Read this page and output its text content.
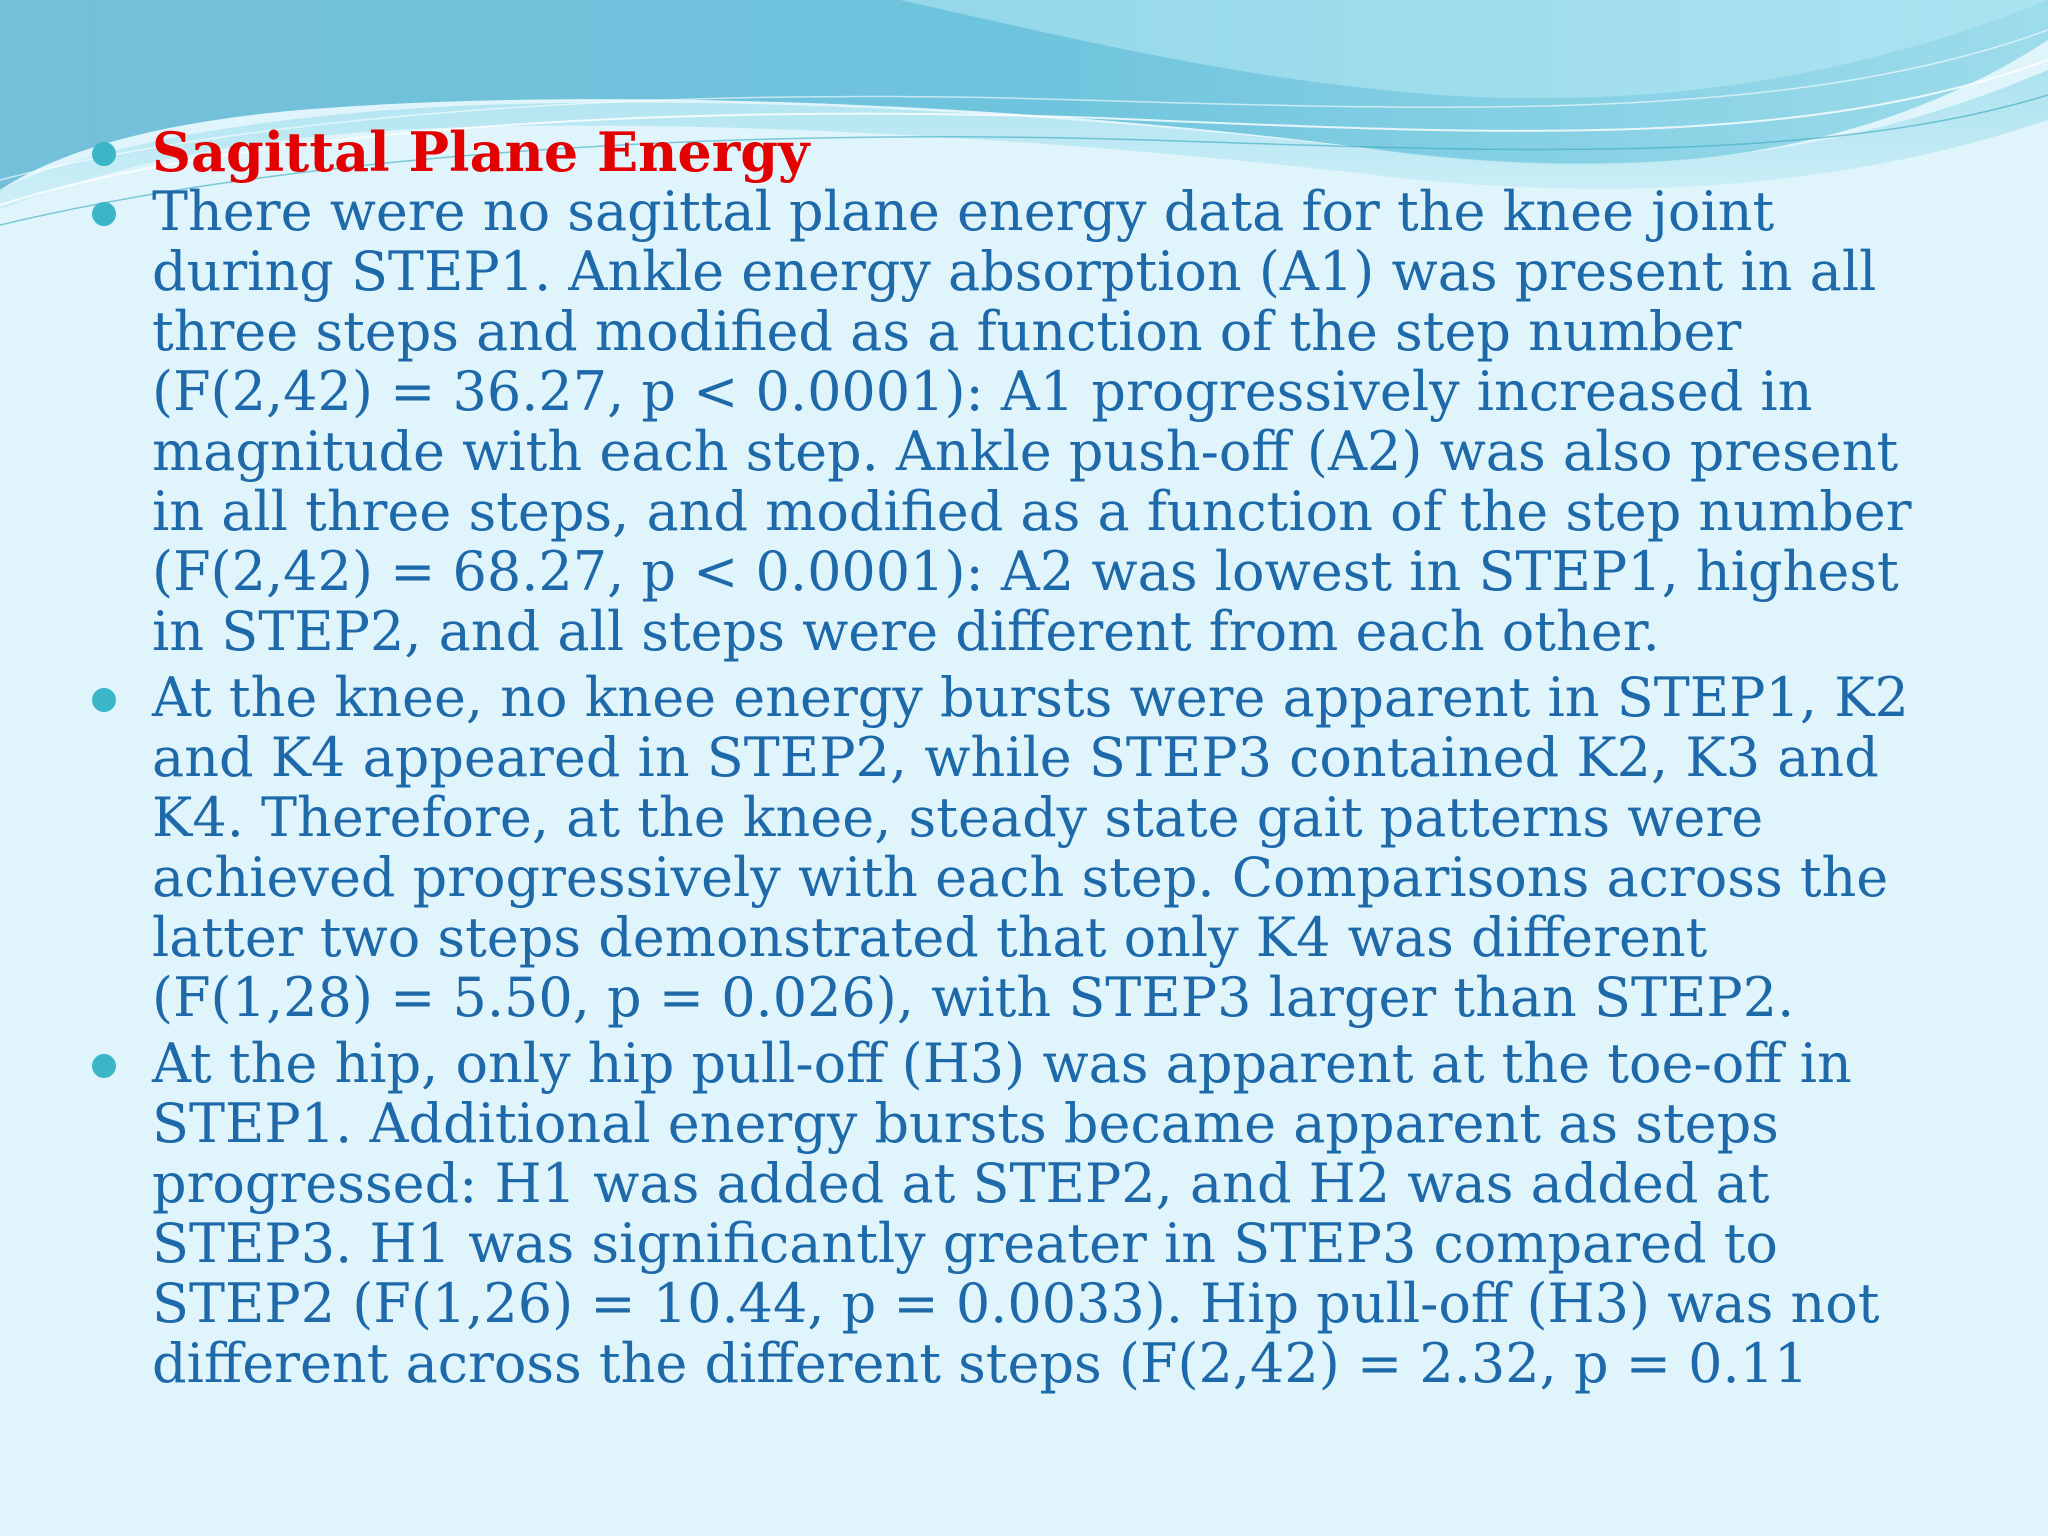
Sagittal Plane Energy
There were no sagittal plane energy data for the knee joint
during STEP1. Ankle energy absorption (A1) was present in all
three steps and modified as a function of the step number
(F(2,42) = 36.27, p < 0.0001): A1 progressively increased in
magnitude with each step. Ankle push-off (A2) was also present
in all three steps, and modified as a function of the step number
(F(2,42) = 68.27, p < 0.0001): A2 was lowest in STEP1, highest
in STEP2, and all steps were different from each other.
At the knee, no knee energy bursts were apparent in STEP1, K2
and K4 appeared in STEP2, while STEP3 contained K2, K3 and
K4. Therefore, at the knee, steady state gait patterns were
achieved progressively with each step. Comparisons across the
latter two steps demonstrated that only K4 was different
(F(1,28) = 5.50, p = 0.026), with STEP3 larger than STEP2.
At the hip, only hip pull-off (H3) was apparent at the toe-off in
STEP1. Additional energy bursts became apparent as steps
progressed: H1 was added at STEP2, and H2 was added at
STEP3. H1 was significantly greater in STEP3 compared to
STEP2 (F(1,26) = 10.44, p = 0.0033). Hip pull-off (H3) was not
different across the different steps (F(2,42) = 2.32, p = 0.11
